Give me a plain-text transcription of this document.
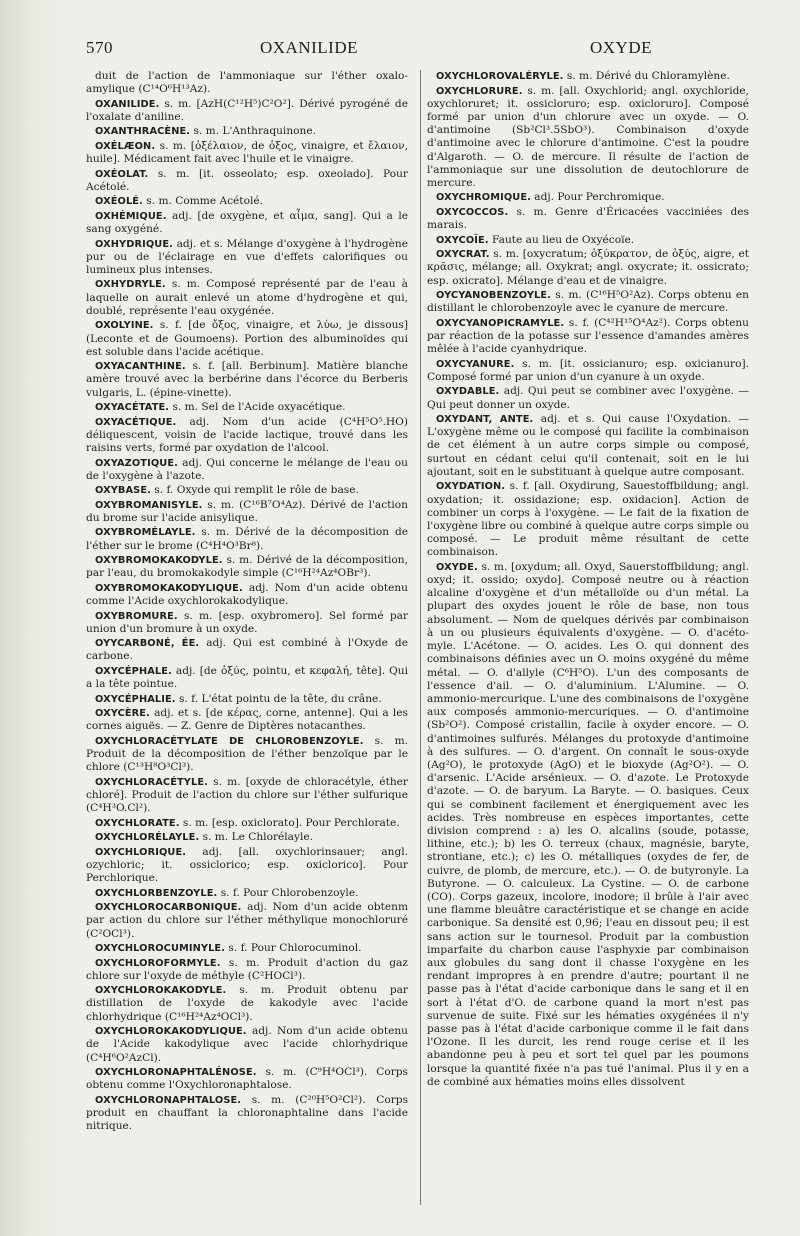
570	OXANILIDE	OXYDE

duit de l'action de l'ammoniaque sur l'éther oxalo-amylique (C¹⁴O⁶H¹³Az).

OXANILIDE. s. m. [AzH(C¹²H⁵)C²O²]. Dérivé pyrogéné de l'oxalate d'aniline.

OXANTHRACÈNE. s. m. L'Anthraquinone.

OXÉLÆON. s. m. [ὀξέλαιον, de ὀξος, vinaigre, et ἔλαιον, huile]. Médicament fait avec l'huile et le vinaigre.

OXÉOLAT. s. m. [it. osseolato; esp. oxeolado]. Pour Acétolé.

OXÉOLÉ. s. m. Comme Acétolé.

OXHÉMIQUE. adj. [de oxygène, et αἷμα, sang]. Qui a le sang oxygéné.

OXHYDRIQUE. adj. et s. Mélange d'oxygène à l'hydrogène pur ou de l'éclairage en vue d'effets calorifiques ou lumineux plus intenses.

OXHYDRYLE. s. m. Composé représenté par de l'eau à laquelle on aurait enlevé un atome d'hydrogène et qui, doublé, représente l'eau oxygénée.

OXOLYINE. s. f. [de ὄξος, vinaigre, et λύω, je dissous] (Leconte et de Goumoens). Portion des albuminoïdes qui est soluble dans l'acide acétique.

OXYACANTHINE. s. f. [all. Berbinum]. Matière blanche amère trouvé avec la berbérine dans l'écorce du Berberis vulgaris, L. (épine-vinette).

OXYACÉTATE. s. m. Sel de l'Acide oxyacétique.

OXYACÉTIQUE. adj. Nom d'un acide (C⁴H⁵O⁵.HO) déliquescent, voisin de l'acide lactique, trouvé dans les raisins verts, formé par oxydation de l'alcool.

OXYAZOTIQUE. adj. Qui concerne le mélange de l'eau ou de l'oxygène à l'azote.

OXYBASE. s. f. Oxyde qui remplit le rôle de base.

OXYBROMANISYLE. s. m. (C¹⁶B⁷O⁴Az). Dérivé de l'action du brome sur l'acide anisylique.

OXYBROMÉLAYLE. s. m. Dérivé de la décomposition de l'éther sur le brome (C⁴H⁴O³Br⁸).

OXYBROMOKAKODYLE. s. m. Dérivé de la décomposition, par l'eau, du bromokakodyle simple (C¹⁶H²⁴Az⁴OBr³).

OXYBROMOKAKODYLIQUE. adj. Nom d'un acide obtenu comme l'Acide oxychlorokakodylique.

OXYBROMURE. s. m. [esp. oxybromero]. Sel formé par union d'un bromure à un oxyde.

OYYCARBONÉ, ÉE. adj. Qui est combiné à l'Oxyde de carbone.

OXYCÉPHALE. adj. [de ὀξύς, pointu, et κεφαλή, tête]. Qui a la tête pointue.

OXYCÉPHALIE. s. f. L'état pointu de la tête, du crâne.

OXYCÈRE. adj. et s. [de κέρας, corne, antenne]. Qui a les cornes aiguës. — Z. Genre de Diptères notacanthes.

OXYCHLORACÉTYLATE DE CHLOROBENZOYLE. s. m. Produit de la décomposition de l'éther benzoïque par le chlore (C¹³H⁸O³Cl³).

OXYCHLORACÉTYLE. s. m. [oxyde de chloracétyle, éther chloré]. Produit de l'action du chlore sur l'éther sulfurique (C⁴H³O.Cl²).

OXYCHLORATE. s. m. [esp. oxiclorato]. Pour Perchlorate.

OXYCHLORÉLAYLE. s. m. Le Chlorélayle.

OXYCHLORIQUE. adj. [all. oxychlorinsauer; angl. ozychloric; it. ossiclorico; esp. oxiclorico]. Pour Perchlorique.

OXYCHLORBENZOYLE. s. f. Pour Chlorobenzoyle.

OXYCHLOROCARBONIQUE. adj. Nom d'un acide obtenm par action du chlore sur l'éther méthylique monochloruré (C²OCl³).

OXYCHLOROCUMINYLE. s. f. Pour Chlorocuminol.

OXYCHLOROFORMYLE. s. m. Produit d'action du gaz chlore sur l'oxyde de méthyle (C²HOCl³).

OXYCHLOROKAKODYLE. s. m. Produit obtenu par distillation de l'oxyde de kakodyle avec l'acide chlorhydrique (C¹⁶H²⁴Az⁴OCl³).

OXYCHLOROKAKODYLIQUE. adj. Nom d'un acide obtenu de l'Acide kakodylique avec l'acide chlorhydrique (C⁴H⁶O²AzCl).

OXYCHLORONAPHTALÉNOSE. s. m. (C⁹H⁴OCl³). Corps obtenu comme l'Oxychloronaphtalose.

OXYCHLORONAPHTALOSE. s. m. (C²⁰H⁵O²Cl²). Corps produit en chauffant la chloronaphtaline dans l'acide nitrique.

OXYCHLOROVALÉRYLE. s. m. Dérivé du Chloramylène.

OXYCHLORURE. s. m. [all. Oxychlorid; angl. oxychloride, oxychloruret; it. ossicloruro; esp. oxicloruro]. Composé formé par union d'un chlorure avec un oxyde. — O. d'antimoine (Sb²Cl³.5SbO³). Combinaison d'oxyde d'antimoine avec le chlorure d'antimoine. C'est la poudre d'Algaroth. — O. de mercure. Il résulte de l'action de l'ammoniaque sur une dissolution de deutochlorure de mercure.

OXYCHROMIQUE. adj. Pour Perchromique.

OXYCOCCOS. s. m. Genre d'Éricacées vacciniées des marais.

OXYCOÏE. Faute au lieu de Oxyécoïe.

OXYCRAT. s. m. [oxycratum; ὀξύκρατον, de ὀξύς, aigre, et κρᾶσις, mélange; all. Oxykrat; angl. oxycrate; it. ossicrato; esp. oxicrato]. Mélange d'eau et de vinaigre.

OYCYANOBENZOYLE. s. m. (C¹⁶H⁵O²Az). Corps obtenu en distillant le chlorobenzoyle avec le cyanure de mercure.

OXYCYANOPICRAMYLE. s. f. (C⁴²H¹⁵O⁴Az²). Corps obtenu par réaction de la potasse sur l'essence d'amandes amères mêlée à l'acide cyanhydrique.

OXYCYANURE. s. m. [it. ossicianuro; esp. oxicianuro]. Composé formé par union d'un cyanure à un oxyde.

OXYDABLE. adj. Qui peut se combiner avec l'oxygène. — Qui peut donner un oxyde.

OXYDANT, ANTE. adj. et s. Qui cause l'Oxydation. — L'oxygène même ou le composé qui facilite la combinaison de cet élément à un autre corps simple ou composé, surtout en cédant celui qu'il contenait, soit en le lui ajoutant, soit en le substituant à quelque autre composant.

OXYDATION. s. f. [all. Oxydirung, Sauestoffbildung; angl. oxydation; it. ossidazione; esp. oxidacion]. Action de combiner un corps à l'oxygène. — Le fait de la fixation de l'oxygène libre ou combiné à quelque autre corps simple ou composé. — Le produit même résultant de cette combinaison.

OXYDE. s. m. [oxydum; all. Oxyd, Sauerstoffbildung; angl. oxyd; it. ossido; oxydo]. Composé neutre ou à réaction alcaline d'oxygène et d'un métalloïde ou d'un métal. La plupart des oxydes jouent le rôle de base, non tous absolument. — Nom de quelques dérivés par combinaison à un ou plusieurs équivalents d'oxygène. — O. d'acéto-myle. L'Acétone. — O. acides. Les O. qui donnent des combinaisons définies avec un O. moins oxygéné du même métal. — O. d'allyle (C⁶H⁵O). L'un des composants de l'essence d'ail. — O. d'aluminium. L'Alumine. — O. ammonio-mercurique. L'une des combinaisons de l'oxygène aux composés ammonio-mercuriques. — O. d'antimoine (Sb²O²). Composé cristallin, facile à oxyder encore. — O. d'antimoines sulfurés. Mélanges du protoxyde d'antimoine à des sulfures. — O. d'argent. On connaît le sous-oxyde (Ag²O), le protoxyde (AgO) et le bioxyde (Ag²O²). — O. d'arsenic. L'Acide arsénieux. — O. d'azote. Le Protoxyde d'azote. — O. de baryum. La Baryte. — O. basiques. Ceux qui se combinent facilement et énergiquement avec les acides. Très nombreuse en espèces importantes, cette division comprend : a) les O. alcalins (soude, potasse, lithine, etc.); b) les O. terreux (chaux, magnésie, baryte, strontiane, etc.); c) les O. métalliques (oxydes de fer, de cuivre, de plomb, de mercure, etc.). — O. de butyronyle. La Butyrone. — O. calculeux. La Cystine. — O. de carbone (CO). Corps gazeux, incolore, inodore; il brûle à l'air avec une flamme bleuâtre caractéristique et se change en acide carbonique. Sa densité est 0,96; l'eau en dissout peu; il est sans action sur le tournesol. Produit par la combustion imparfaite du charbon cause l'asphyxie par combinaison aux globules du sang dont il chasse l'oxygène en les rendant impropres à en prendre d'autre; pourtant il ne passe pas à l'état d'acide carbonique dans le sang et il en sort à l'état d'O. de carbone quand la mort n'est pas survenue de suite. Fixé sur les hématies oxygénées il n'y passe pas à l'état d'acide carbonique comme il le fait dans l'Ozone. Il les durcit, les rend rouge cerise et il les abandonne peu à peu et sort tel quel par les poumons lorsque la quantité fixée n'a pas tué l'animal. Plus il y en a de combiné aux hématies moins elles dissolvent
